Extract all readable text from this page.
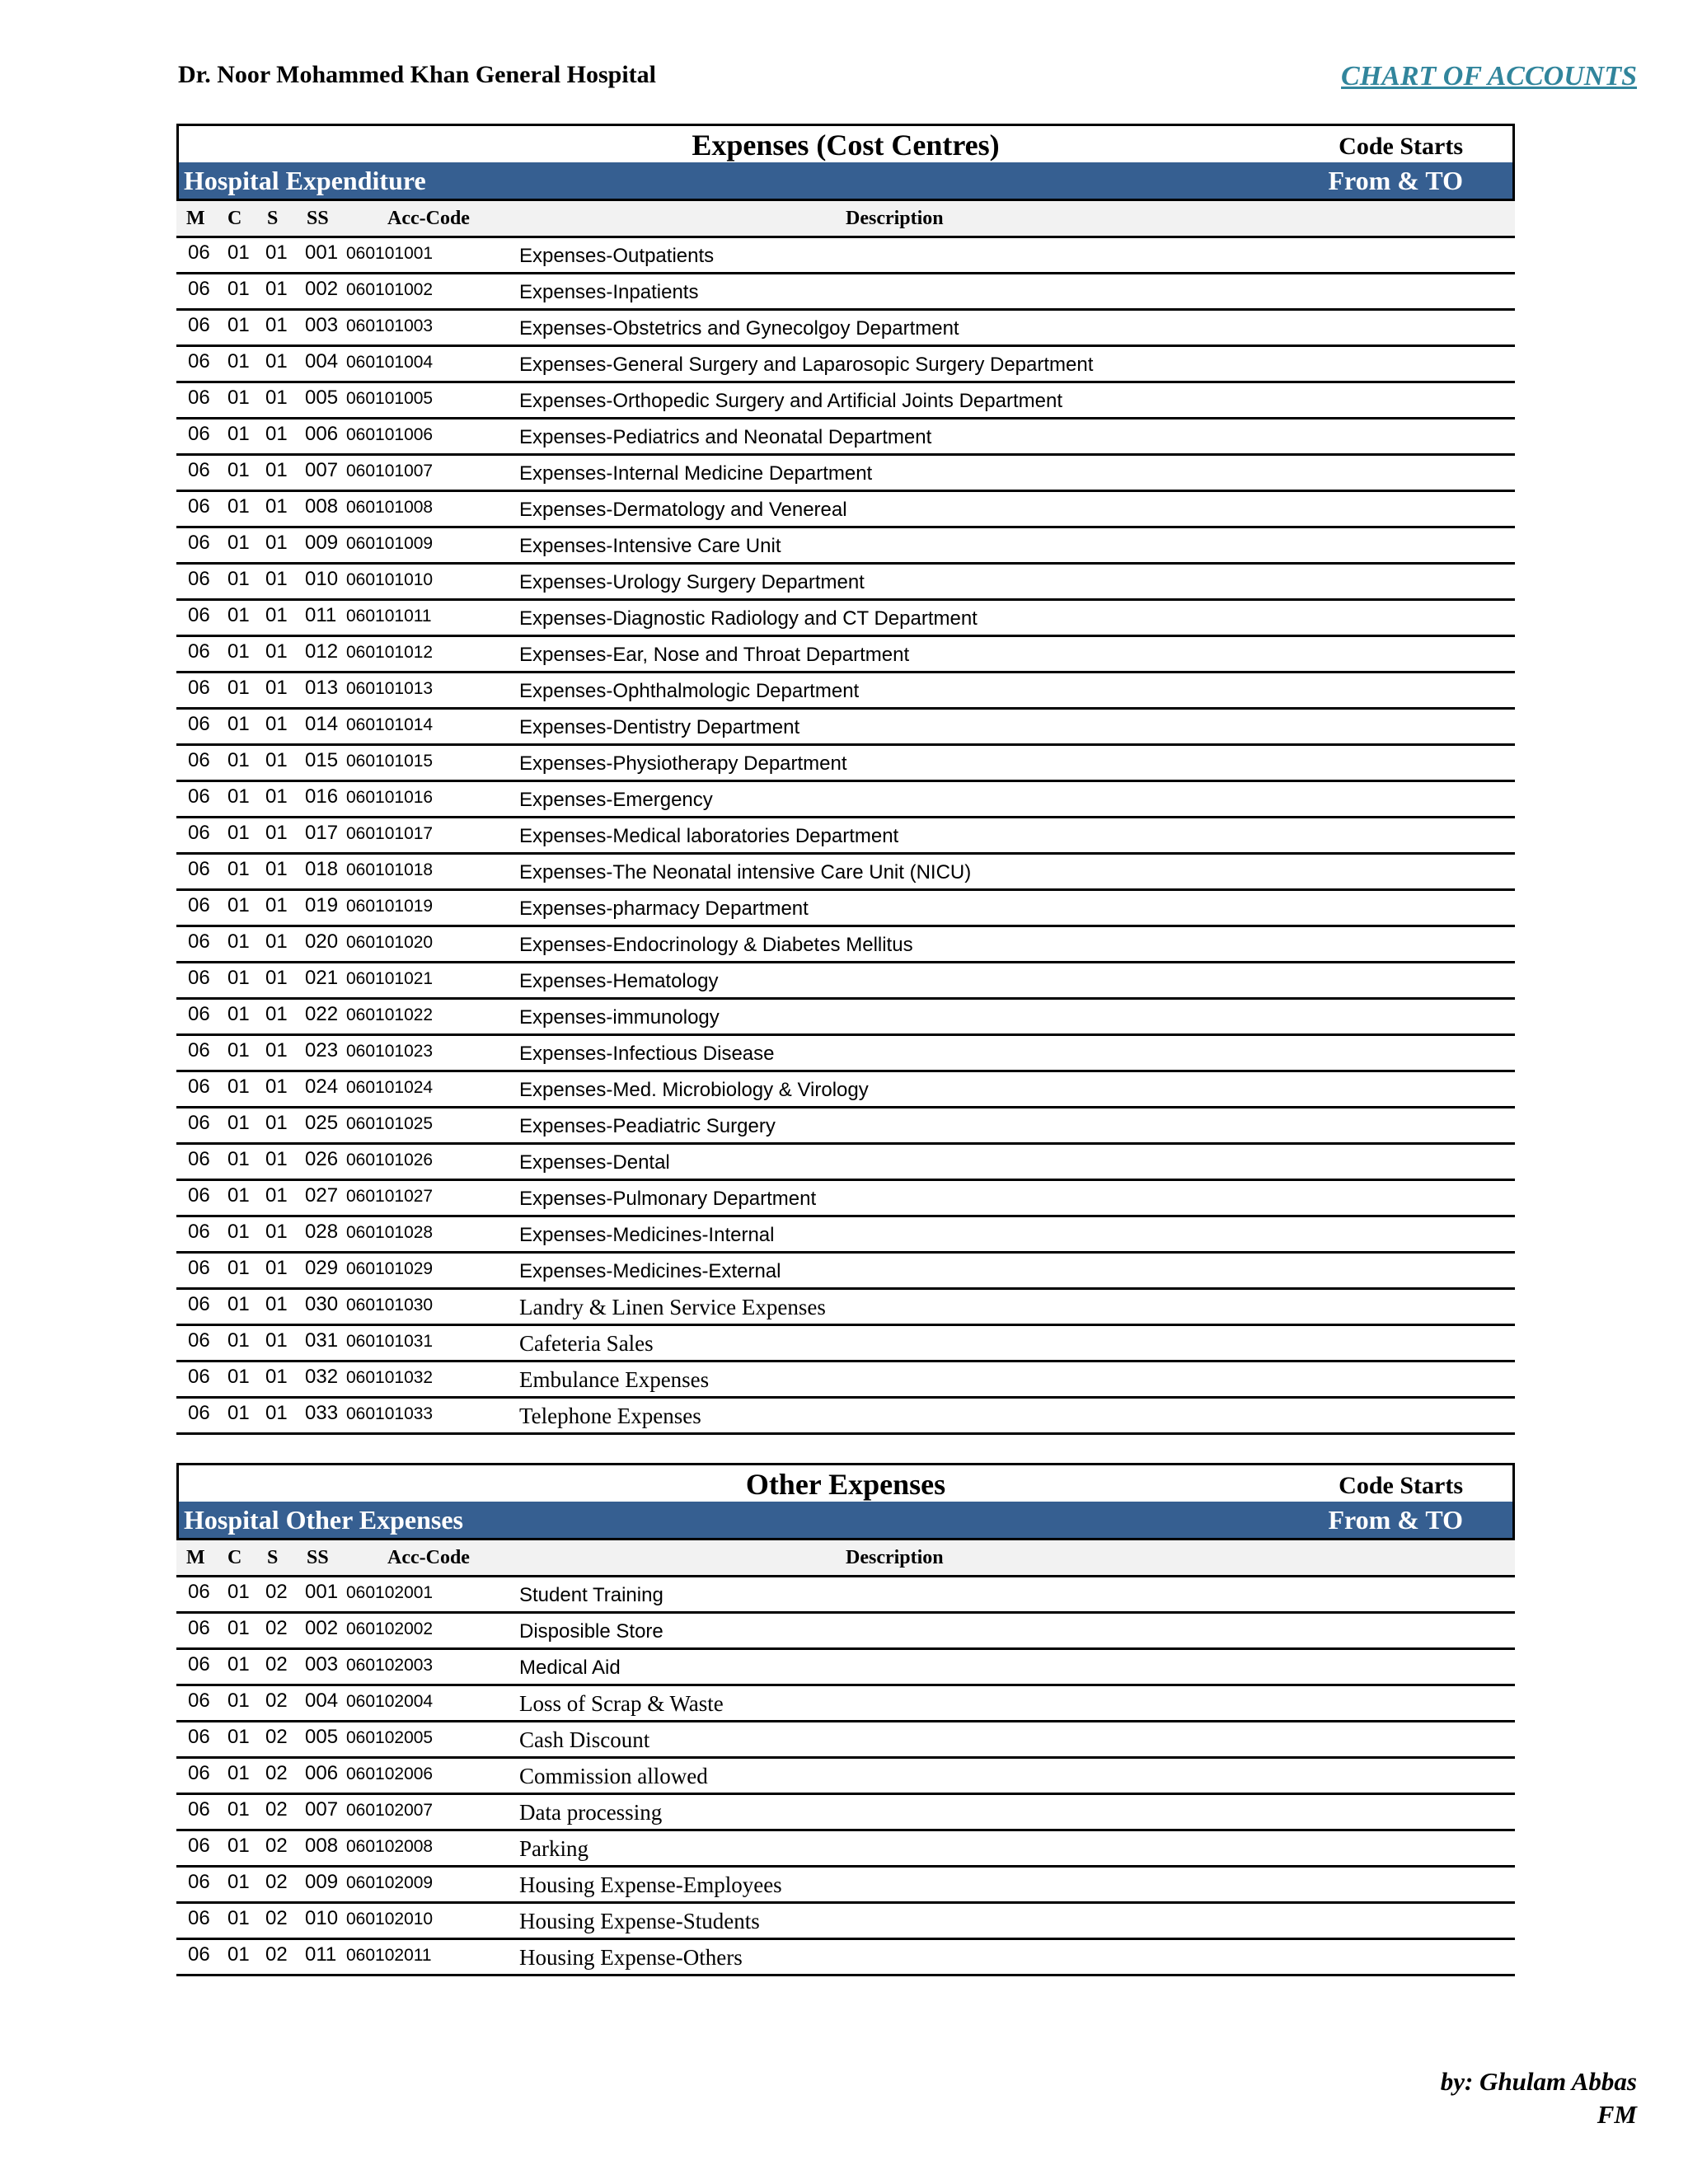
Dr. Noor Mohammed Khan General Hospital	CHART OF ACCOUNTS
Expenses (Cost Centres)	Code Starts
Hospital Expenditure	From & TO
M C S SS	Acc-Code	Description
06 01 01 001 060101001	Expenses-Outpatients
06 01 01 002 060101002	Expenses-Inpatients
06 01 01 003 060101003	Expenses-Obstetrics and Gynecolgoy Department
06 01 01 004 060101004	Expenses-General Surgery and Laparosopic Surgery Department
06 01 01 005 060101005	Expenses-Orthopedic Surgery and Artificial Joints Department
06 01 01 006 060101006	Expenses-Pediatrics and Neonatal Department
06 01 01 007 060101007	Expenses-Internal Medicine Department
06 01 01 008 060101008	Expenses-Dermatology and Venereal
06 01 01 009 060101009	Expenses-Intensive Care Unit
06 01 01 010 060101010	Expenses-Urology Surgery Department
06 01 01 011 060101011	Expenses-Diagnostic Radiology and CT Department
06 01 01 012 060101012	Expenses-Ear, Nose and Throat Department
06 01 01 013 060101013	Expenses-Ophthalmologic Department
06 01 01 014 060101014	Expenses-Dentistry Department
06 01 01 015 060101015	Expenses-Physiotherapy Department
06 01 01 016 060101016	Expenses-Emergency
06 01 01 017 060101017	Expenses-Medical laboratories Department
06 01 01 018 060101018	Expenses-The Neonatal intensive Care Unit (NICU)
06 01 01 019 060101019	Expenses-pharmacy Department
06 01 01 020 060101020	Expenses-Endocrinology & Diabetes Mellitus
06 01 01 021 060101021	Expenses-Hematology
06 01 01 022 060101022	Expenses-immunology
06 01 01 023 060101023	Expenses-Infectious Disease
06 01 01 024 060101024	Expenses-Med. Microbiology & Virology
06 01 01 025 060101025	Expenses-Peadiatric Surgery
06 01 01 026 060101026	Expenses-Dental
06 01 01 027 060101027	Expenses-Pulmonary Department
06 01 01 028 060101028	Expenses-Medicines-Internal
06 01 01 029 060101029	Expenses-Medicines-External
06 01 01 030 060101030	Landry & Linen Service Expenses
06 01 01 031 060101031	Cafeteria Sales
06 01 01 032 060101032	Embulance Expenses
06 01 01 033 060101033	Telephone Expenses
Other Expenses	Code Starts
Hospital Other Expenses	From & TO
M C S SS	Acc-Code	Description
06 01 02 001 060102001	Student Training
06 01 02 002 060102002	Disposible Store
06 01 02 003 060102003	Medical Aid
06 01 02 004 060102004	Loss of Scrap & Waste
06 01 02 005 060102005	Cash Discount
06 01 02 006 060102006	Commission allowed
06 01 02 007 060102007	Data processing
06 01 02 008 060102008	Parking
06 01 02 009 060102009	Housing Expense-Employees
06 01 02 010 060102010	Housing Expense-Students
06 01 02 011 060102011	Housing Expense-Others
by: Ghulam Abbas
FM
